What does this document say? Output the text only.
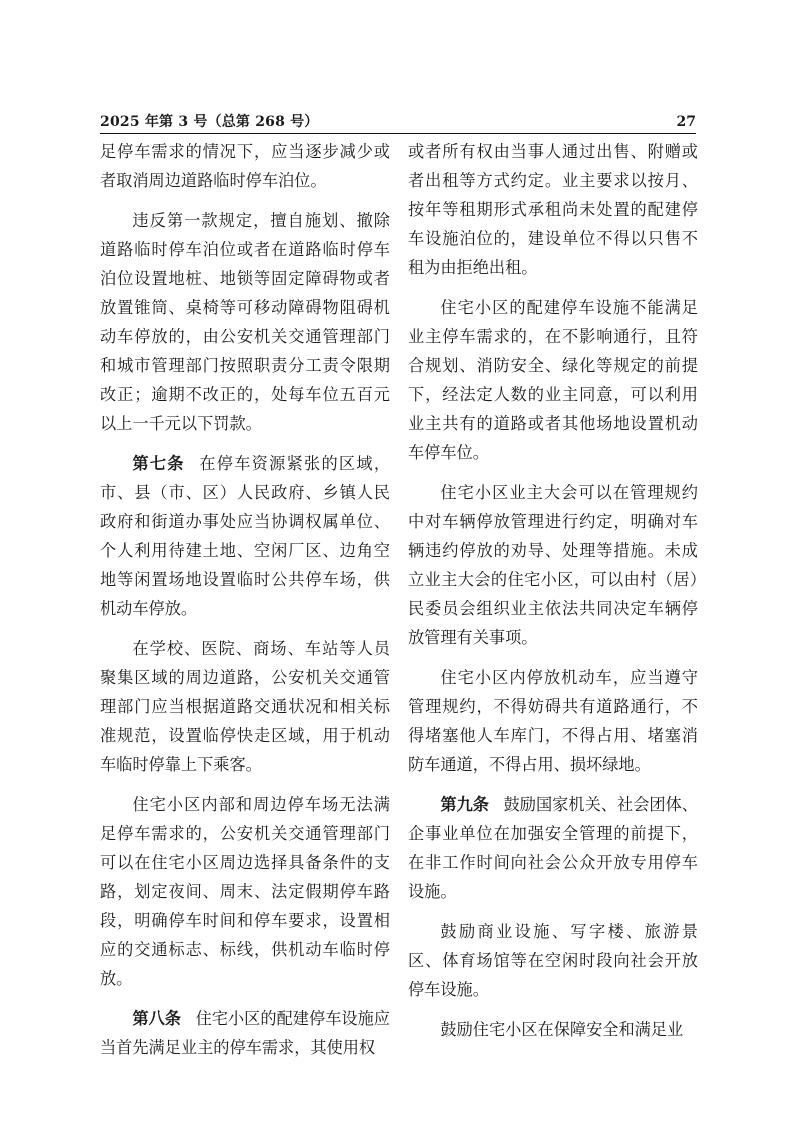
2025 年第 3 号（总第 268 号）	27

足停车需求的情况下，应当逐步减少或者取消周边道路临时停车泊位。

违反第一款规定，擅自施划、撤除道路临时停车泊位或者在道路临时停车泊位设置地桩、地锁等固定障碍物或者放置锥筒、桌椅等可移动障碍物阻碍机动车停放的，由公安机关交通管理部门和城市管理部门按照职责分工责令限期改正；逾期不改正的，处每车位五百元以上一千元以下罚款。

第七条 在停车资源紧张的区域，市、县（市、区）人民政府、乡镇人民政府和街道办事处应当协调权属单位、个人利用待建土地、空闲厂区、边角空地等闲置场地设置临时公共停车场，供机动车停放。

在学校、医院、商场、车站等人员聚集区域的周边道路，公安机关交通管理部门应当根据道路交通状况和相关标准规范，设置临停快走区域，用于机动车临时停靠上下乘客。

住宅小区内部和周边停车场无法满足停车需求的，公安机关交通管理部门可以在住宅小区周边选择具备条件的支路，划定夜间、周末、法定假期停车路段，明确停车时间和停车要求，设置相应的交通标志、标线，供机动车临时停放。

第八条 住宅小区的配建停车设施应当首先满足业主的停车需求，其使用权

或者所有权由当事人通过出售、附赠或者出租等方式约定。业主要求以按月、按年等租期形式承租尚未处置的配建停车设施泊位的，建设单位不得以只售不租为由拒绝出租。

住宅小区的配建停车设施不能满足业主停车需求的，在不影响通行，且符合规划、消防安全、绿化等规定的前提下，经法定人数的业主同意，可以利用业主共有的道路或者其他场地设置机动车停车位。

住宅小区业主大会可以在管理规约中对车辆停放管理进行约定，明确对车辆违约停放的劝导、处理等措施。未成立业主大会的住宅小区，可以由村（居）民委员会组织业主依法共同决定车辆停放管理有关事项。

住宅小区内停放机动车，应当遵守管理规约，不得妨碍共有道路通行，不得堵塞他人车库门，不得占用、堵塞消防车通道，不得占用、损坏绿地。

第九条 鼓励国家机关、社会团体、企事业单位在加强安全管理的前提下，在非工作时间向社会公众开放专用停车设施。

鼓励商业设施、写字楼、旅游景区、体育场馆等在空闲时段向社会开放停车设施。

鼓励住宅小区在保障安全和满足业
